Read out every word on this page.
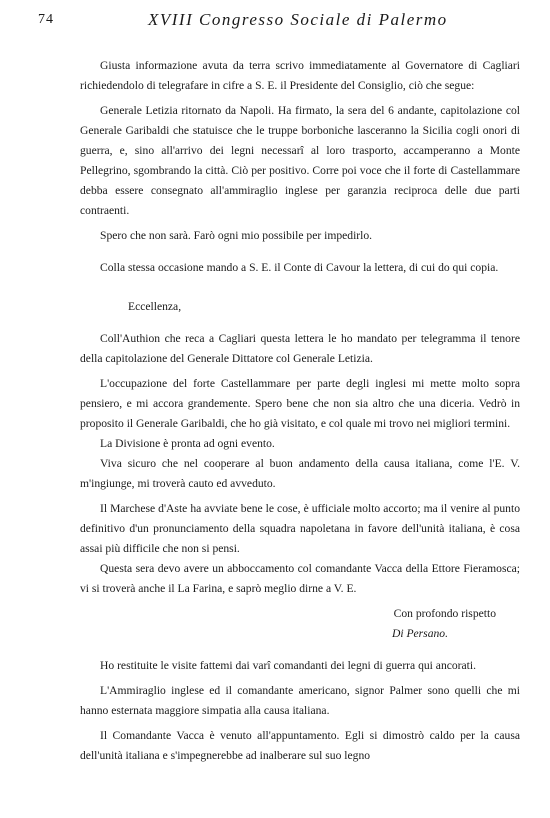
74	XVIII Congresso Sociale di Palermo

Giusta informazione avuta da terra scrivo immediatamente al Governatore di Cagliari richiedendolo di telegrafare in cifre a S. E. il Presidente del Consiglio, ciò che segue:

Generale Letizia ritornato da Napoli. Ha firmato, la sera del 6 andante, capitolazione col Generale Garibaldi che statuisce che le truppe borboniche lasceranno la Sicilia cogli onori di guerra, e, sino all'arrivo dei legni necessarî al loro trasporto, accamperanno a Monte Pellegrino, sgombrando la città. Ciò per positivo. Corre poi voce che il forte di Castellammare debba essere consegnato all'ammiraglio inglese per garanzia reciproca delle due parti contraenti.

Spero che non sarà. Farò ogni mio possibile per impedirlo.

Colla stessa occasione mando a S. E. il Conte di Cavour la lettera, di cui do qui copia.

Eccellenza,

Coll'Authion che reca a Cagliari questa lettera le ho mandato per telegramma il tenore della capitolazione del Generale Dittatore col Generale Letizia.

L'occupazione del forte Castellammare per parte degli inglesi mi mette molto sopra pensiero, e mi accora grandemente. Spero bene che non sia altro che una diceria. Vedrò in proposito il Generale Garibaldi, che ho già visitato, e col quale mi trovo nei migliori termini.

La Divisione è pronta ad ogni evento.

Viva sicuro che nel cooperare al buon andamento della causa italiana, come l'E. V. m'ingiunge, mi troverà cauto ed avveduto.

Il Marchese d'Aste ha avviate bene le cose, è ufficiale molto accorto; ma il venire al punto definitivo d'un pronunciamento della squadra napoletana in favore dell'unità italiana, è cosa assai più difficile che non si pensi.

Questa sera devo avere un abboccamento col comandante Vacca della Ettore Fieramosca; vi si troverà anche il La Farina, e saprò meglio dirne a V. E.

Con profondo rispetto

Di Persano.

Ho restituite le visite fattemi dai varî comandanti dei legni di guerra qui ancorati.

L'Ammiraglio inglese ed il comandante americano, signor Palmer sono quelli che mi hanno esternata maggiore simpatia alla causa italiana.

Il Comandante Vacca è venuto all'appuntamento. Egli si dimostrò caldo per la causa dell'unità italiana e s'impegnerebbe ad inalberare sul suo legno
